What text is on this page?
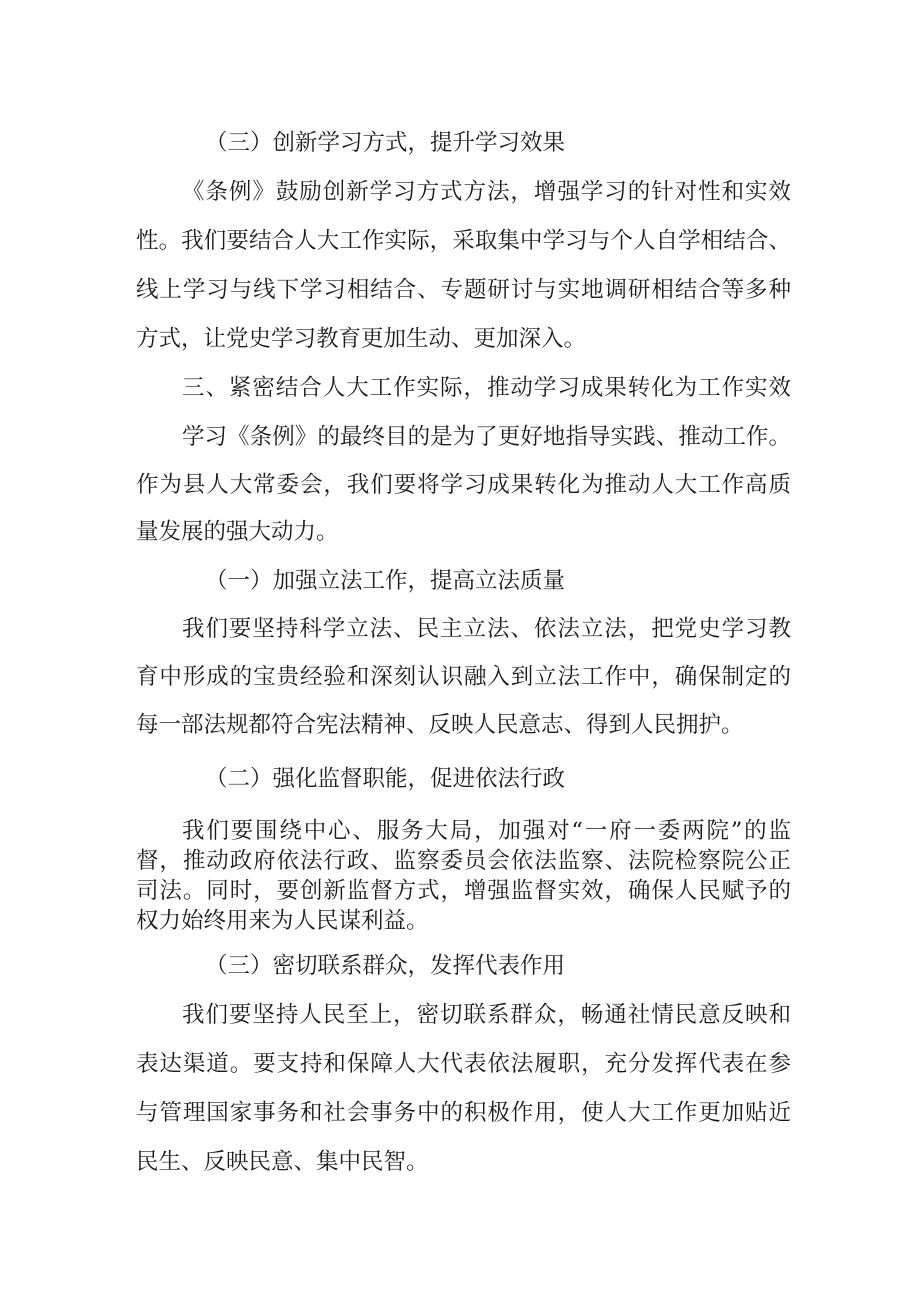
（三）创新学习方式，提升学习效果

《条例》鼓励创新学习方式方法，增强学习的针对性和实效

性。我们要结合人大工作实际，采取集中学习与个人自学相结合、

线上学习与线下学习相结合、专题研讨与实地调研相结合等多种

方式，让党史学习教育更加生动、更加深入。

三、紧密结合人大工作实际，推动学习成果转化为工作实效

学习《条例》的最终目的是为了更好地指导实践、推动工作。

作为县人大常委会，我们要将学习成果转化为推动人大工作高质

量发展的强大动力。

（一）加强立法工作，提高立法质量

我们要坚持科学立法、民主立法、依法立法，把党史学习教

育中形成的宝贵经验和深刻认识融入到立法工作中，确保制定的

每一部法规都符合宪法精神、反映人民意志、得到人民拥护。

（二）强化监督职能，促进依法行政

我们要围绕中心、服务大局，加强对“一府一委两院”的监

督，推动政府依法行政、监察委员会依法监察、法院检察院公正

司法。同时，要创新监督方式，增强监督实效，确保人民赋予的

权力始终用来为人民谋利益。

（三）密切联系群众，发挥代表作用

我们要坚持人民至上，密切联系群众，畅通社情民意反映和

表达渠道。要支持和保障人大代表依法履职，充分发挥代表在参

与管理国家事务和社会事务中的积极作用，使人大工作更加贴近

民生、反映民意、集中民智。
